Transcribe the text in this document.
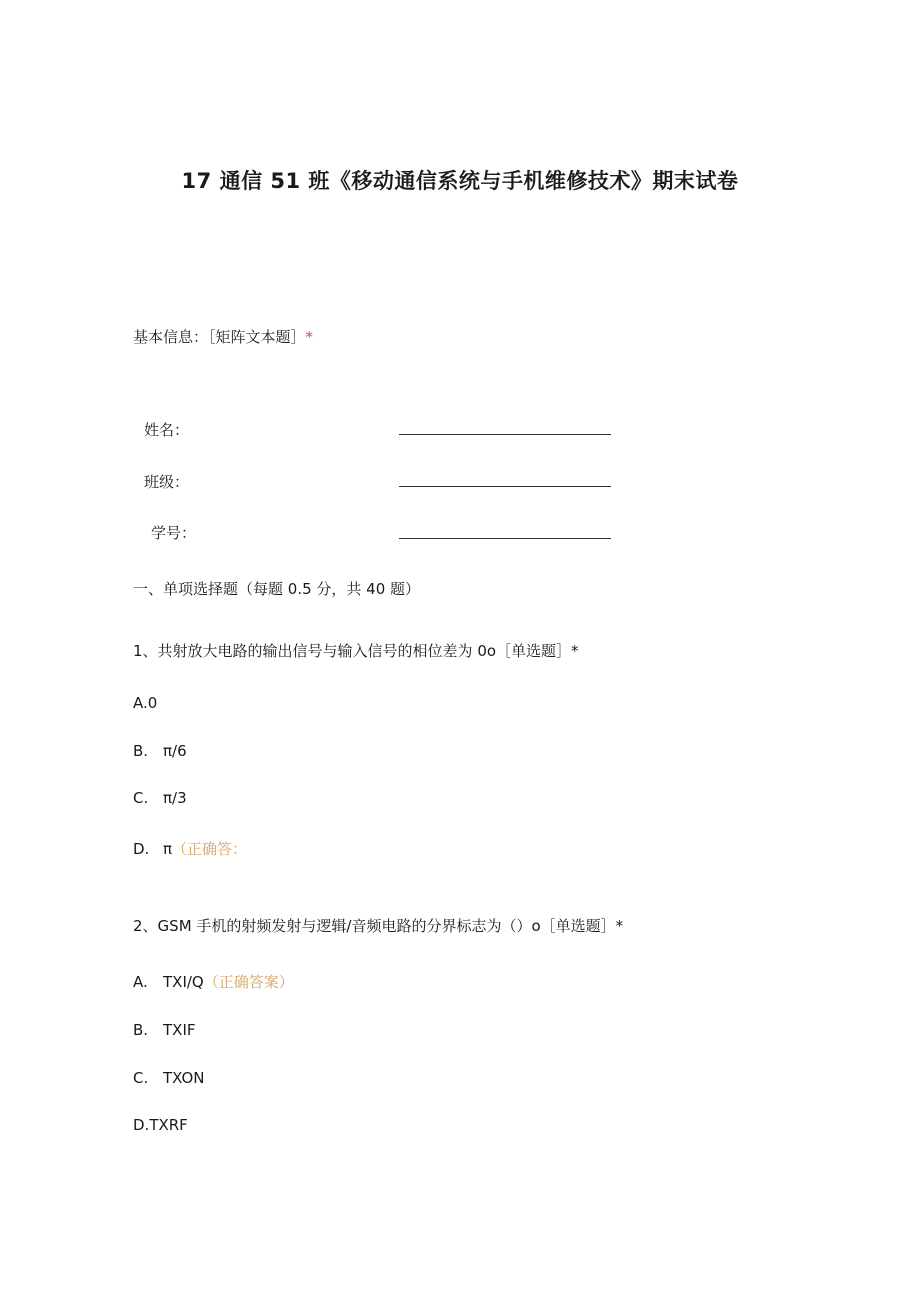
17 通信 51 班《移动通信系统与手机维修技术》期末试卷
基本信息：［矩阵文本题］*
姓名：
班级：
学号：
一、单项选择题（每题 0.5 分，共 40 题）
1、共射放大电路的输出信号与输入信号的相位差为 0o［单选题］*
A.0
B. π/6
C. π/3
D. π（正确答：
2、GSM 手机的射频发射与逻辑/音频电路的分界标志为（）o［单选题］*
A. TXI/Q（正确答案）
B. TXIF
C. TXON
D.TXRF
